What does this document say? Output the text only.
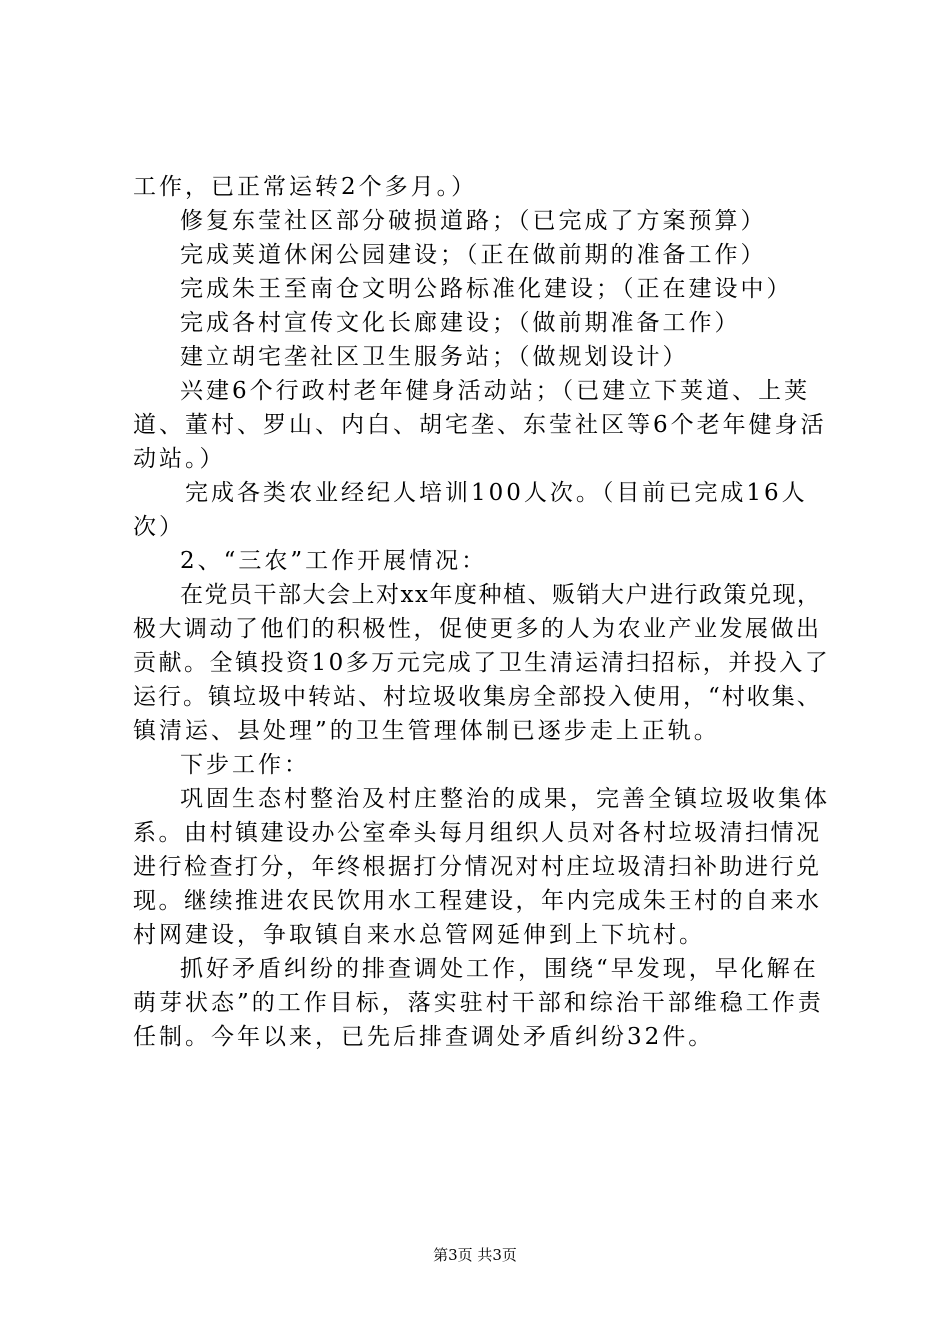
工作，已正常运转2个多月。）
修复东莹社区部分破损道路；（已完成了方案预算）
完成荚道休闲公园建设；（正在做前期的准备工作）
完成朱王至南仓文明公路标准化建设；（正在建设中）
完成各村宣传文化长廊建设；（做前期准备工作）
建立胡宅垄社区卫生服务站；（做规划设计）
兴建6个行政村老年健身活动站；（已建立下荚道、上荚
道、董村、罗山、内白、胡宅垄、东莹社区等6个老年健身活
动站。）
完成各类农业经纪人培训100人次。（目前已完成16人
次）
2、“三农”工作开展情况：
在党员干部大会上对xx年度种植、贩销大户进行政策兑现，
极大调动了他们的积极性，促使更多的人为农业产业发展做出
贡献。全镇投资10多万元完成了卫生清运清扫招标，并投入了
运行。镇垃圾中转站、村垃圾收集房全部投入使用，“村收集、
镇清运、县处理”的卫生管理体制已逐步走上正轨。
下步工作：
巩固生态村整治及村庄整治的成果，完善全镇垃圾收集体
系。由村镇建设办公室牵头每月组织人员对各村垃圾清扫情况
进行检查打分，年终根据打分情况对村庄垃圾清扫补助进行兑
现。继续推进农民饮用水工程建设，年内完成朱王村的自来水
村网建设，争取镇自来水总管网延伸到上下坑村。
抓好矛盾纠纷的排查调处工作，围绕“早发现，早化解在
萌芽状态”的工作目标，落实驻村干部和综治干部维稳工作责
任制。今年以来，已先后排查调处矛盾纠纷32件。
第3页 共3页
